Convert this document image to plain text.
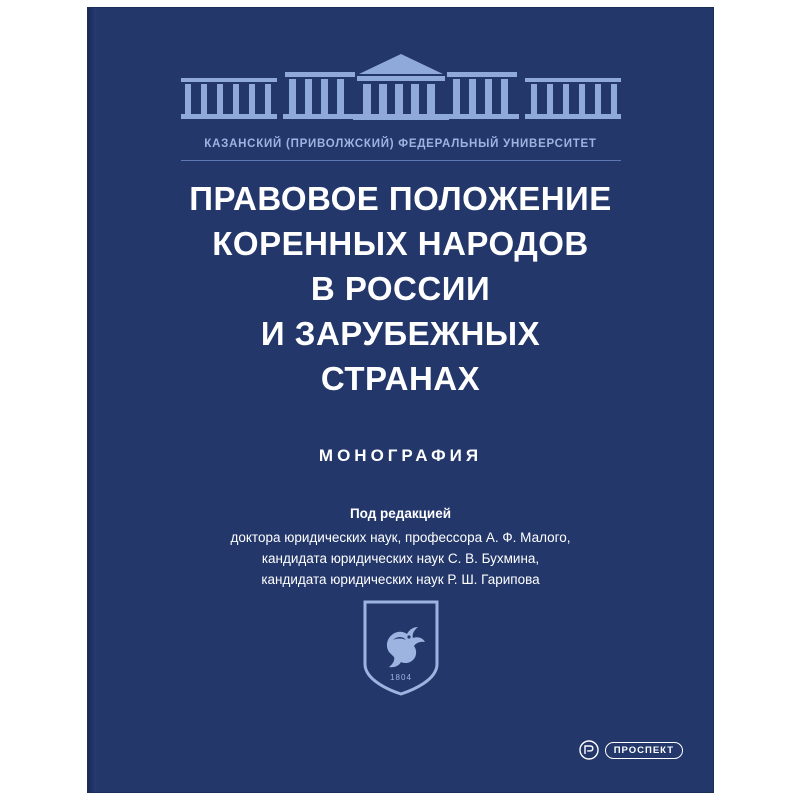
КАЗАНСКИЙ (ПРИВОЛЖСКИЙ) ФЕДЕРАЛЬНЫЙ УНИВЕРСИТЕТ
ПРАВОВОЕ ПОЛОЖЕНИЕ
КОРЕННЫХ НАРОДОВ
В РОССИИ
И ЗАРУБЕЖНЫХ
СТРАНАХ
МОНОГРАФИЯ
Под редакцией
доктора юридических наук, профессора А. Ф. Малого,
кандидата юридических наук С. В. Бухмина,
кандидата юридических наук Р. Ш. Гарипова
1804
ПРОСПЕКТ
